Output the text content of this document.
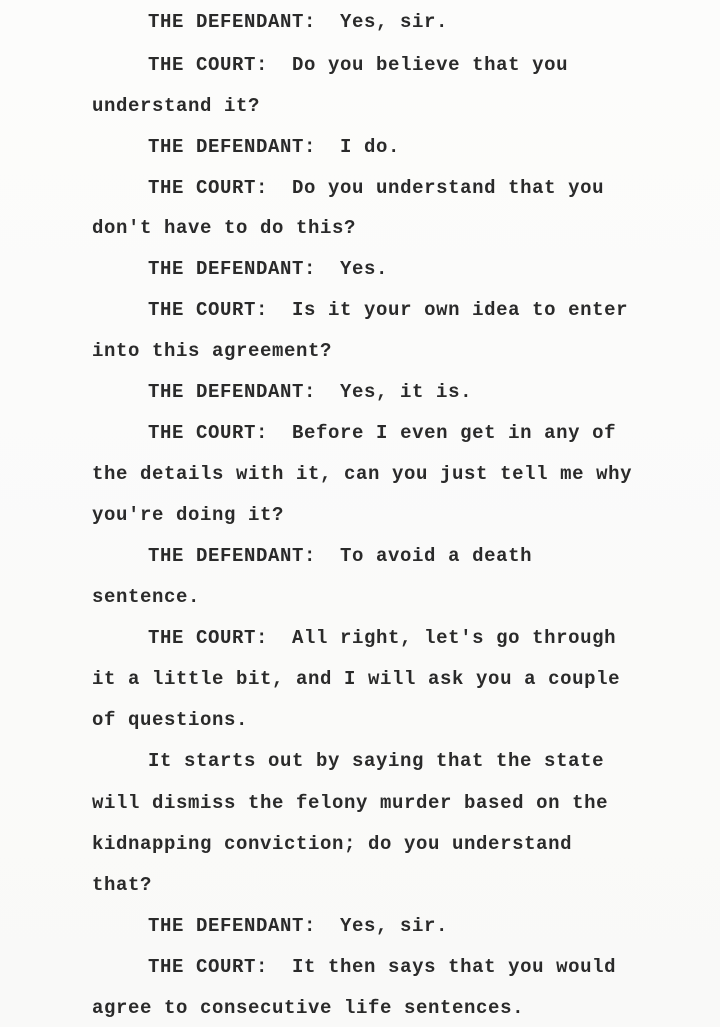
THE DEFENDANT: Yes, sir.
THE COURT: Do you believe that you
understand it?
THE DEFENDANT: I do.
THE COURT: Do you understand that you
don't have to do this?
THE DEFENDANT: Yes.
THE COURT: Is it your own idea to enter
into this agreement?
THE DEFENDANT: Yes, it is.
THE COURT: Before I even get in any of
the details with it, can you just tell me why
you're doing it?
THE DEFENDANT: To avoid a death
sentence.
THE COURT: All right, let's go through
it a little bit, and I will ask you a couple
of questions.
It starts out by saying that the state
will dismiss the felony murder based on the
kidnapping conviction; do you understand
that?
THE DEFENDANT: Yes, sir.
THE COURT: It then says that you would
agree to consecutive life sentences.
